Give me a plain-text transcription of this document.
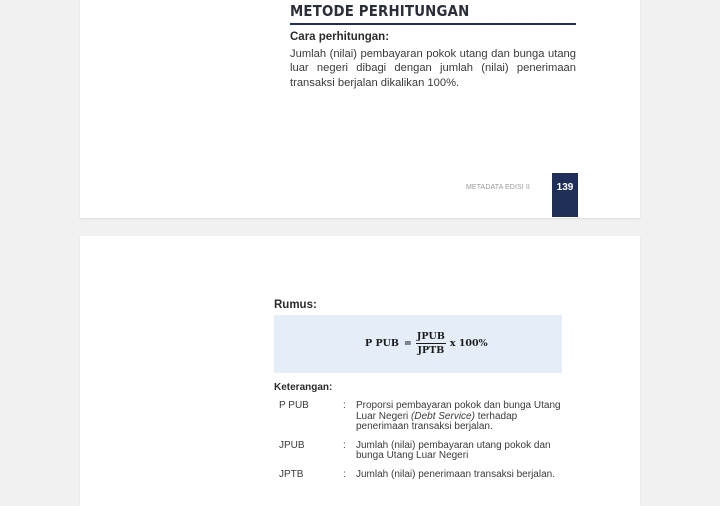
METODE PERHITUNGAN
Cara perhitungan:
Jumlah (nilai) pembayaran pokok utang dan bunga utang luar negeri dibagi dengan jumlah (nilai) penerimaan transaksi berjalan dikalikan 100%.
METADATA EDISI II	139
Rumus:
P PUB = $\frac{\text{JPUB}}{\text{JPTB}}$ x 100%
Keterangan:
P PUB	:	Proporsi pembayaran pokok dan bunga Utang Luar Negeri (Debt Service) terhadap penerimaan transaksi berjalan.
JPUB	:	Jumlah (nilai) pembayaran utang pokok dan bunga Utang Luar Negeri
JPTB	:	Jumlah (nilai) penerimaan transaksi berjalan.
